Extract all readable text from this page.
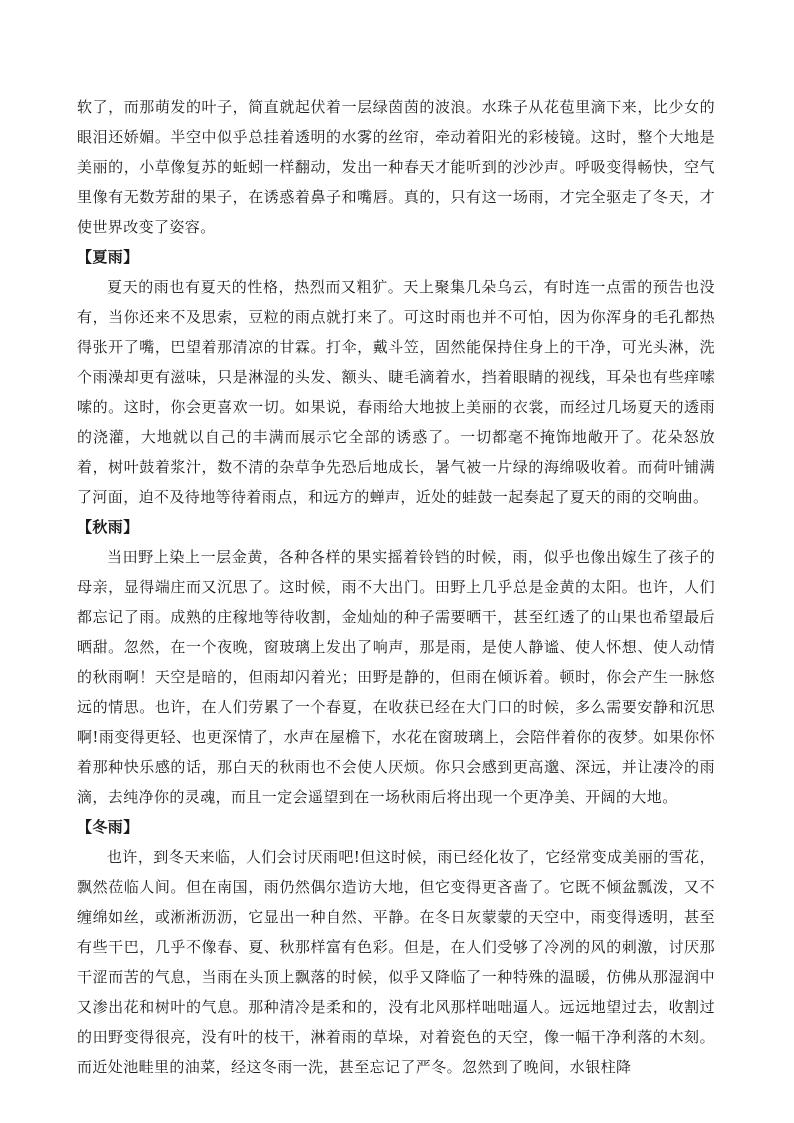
软了，而那萌发的叶子，简直就起伏着一层绿茵茵的波浪。水珠子从花苞里滴下来，比少女的眼泪还娇媚。半空中似乎总挂着透明的水雾的丝帘，牵动着阳光的彩棱镜。这时，整个大地是美丽的，小草像复苏的蚯蚓一样翻动，发出一种春天才能听到的沙沙声。呼吸变得畅快，空气里像有无数芳甜的果子，在诱惑着鼻子和嘴唇。真的，只有这一场雨，才完全驱走了冬天，才使世界改变了姿容。

【夏雨】

夏天的雨也有夏天的性格，热烈而又粗犷。天上聚集几朵乌云，有时连一点雷的预告也没有，当你还来不及思索，豆粒的雨点就打来了。可这时雨也并不可怕，因为你浑身的毛孔都热得张开了嘴，巴望着那清凉的甘霖。打伞，戴斗笠，固然能保持住身上的干净，可光头淋，洗个雨澡却更有滋味，只是淋湿的头发、额头、睫毛滴着水，挡着眼睛的视线，耳朵也有些痒嗦嗦的。这时，你会更喜欢一切。如果说，春雨给大地披上美丽的衣裳，而经过几场夏天的透雨的浇灌，大地就以自己的丰满而展示它全部的诱惑了。一切都毫不掩饰地敞开了。花朵怒放着，树叶鼓着浆汁，数不清的杂草争先恐后地成长，暑气被一片绿的海绵吸收着。而荷叶铺满了河面，迫不及待地等待着雨点，和远方的蝉声，近处的蛙鼓一起奏起了夏天的雨的交响曲。

【秋雨】

当田野上染上一层金黄，各种各样的果实摇着铃铛的时候，雨，似乎也像出嫁生了孩子的母亲，显得端庄而又沉思了。这时候，雨不大出门。田野上几乎总是金黄的太阳。也许，人们都忘记了雨。成熟的庄稼地等待收割，金灿灿的种子需要晒干，甚至红透了的山果也希望最后晒甜。忽然，在一个夜晚，窗玻璃上发出了响声，那是雨，是使人静谧、使人怀想、使人动情的秋雨啊！天空是暗的，但雨却闪着光；田野是静的，但雨在倾诉着。顿时，你会产生一脉悠远的情思。也许，在人们劳累了一个春夏，在收获已经在大门口的时候，多么需要安静和沉思啊!雨变得更轻、也更深情了，水声在屋檐下，水花在窗玻璃上，会陪伴着你的夜梦。如果你怀着那种快乐感的话，那白天的秋雨也不会使人厌烦。你只会感到更高邈、深远，并让凄冷的雨滴，去纯净你的灵魂，而且一定会遥望到在一场秋雨后将出现一个更净美、开阔的大地。

【冬雨】

也许，到冬天来临，人们会讨厌雨吧!但这时候，雨已经化妆了，它经常变成美丽的雪花，飘然莅临人间。但在南国，雨仍然偶尔造访大地，但它变得更吝啬了。它既不倾盆瓢泼，又不缠绵如丝，或淅淅沥沥，它显出一种自然、平静。在冬日灰蒙蒙的天空中，雨变得透明，甚至有些干巴，几乎不像春、夏、秋那样富有色彩。但是，在人们受够了冷冽的风的刺激，讨厌那干涩而苦的气息，当雨在头顶上飘落的时候，似乎又降临了一种特殊的温暖，仿佛从那湿润中又渗出花和树叶的气息。那种清冷是柔和的，没有北风那样咄咄逼人。远远地望过去，收割过的田野变得很亮，没有叶的枝干，淋着雨的草垛，对着瓷色的天空，像一幅干净利落的木刻。而近处池畦里的油菜，经这冬雨一洗，甚至忘记了严冬。忽然到了晚间，水银柱降
